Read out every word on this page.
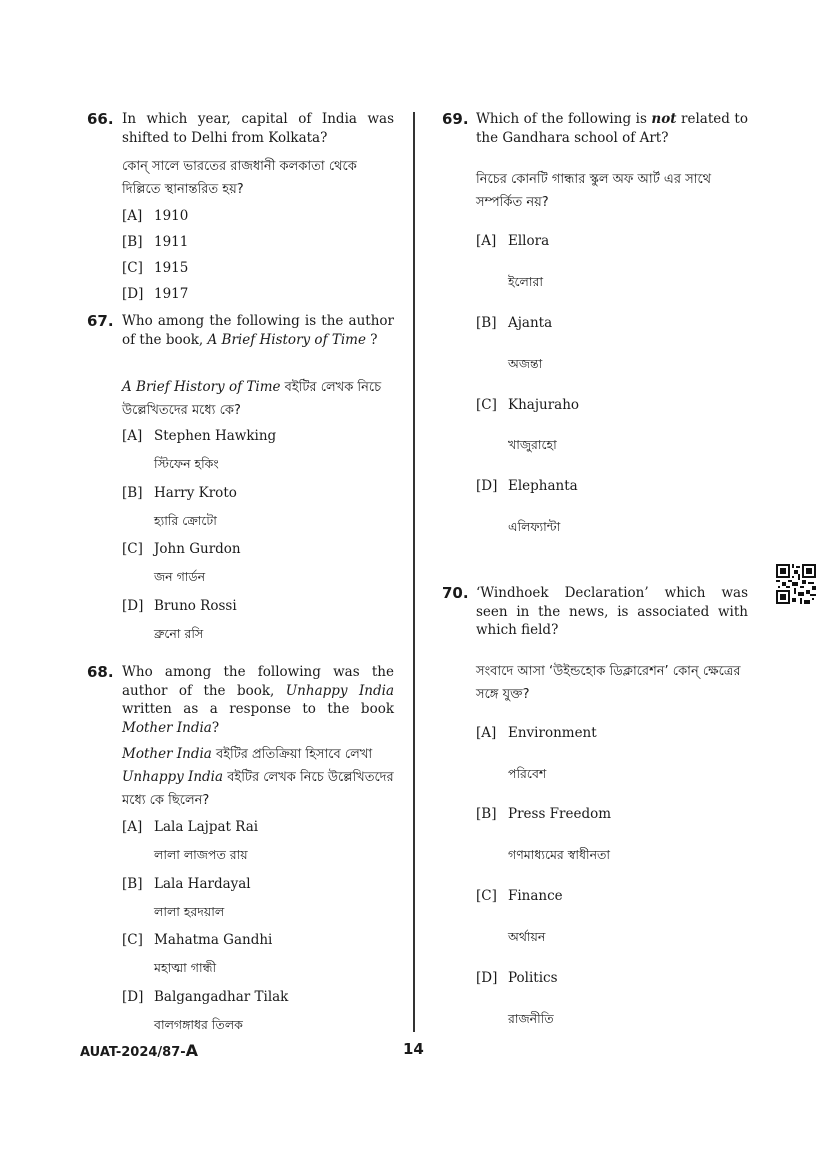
66. In which year, capital of India was shifted to Delhi from Kolkata?
কোন্ সালে ভারতের রাজধানী কলকাতা থেকে দিল্লিতে স্থানান্তরিত হয়?
[A] 1910
[B] 1911
[C] 1915
[D] 1917
67. Who among the following is the author of the book, A Brief History of Time ?
A Brief History of Time বইটির লেখক নিচে উল্লেখিতদের মধ্যে কে?
[A] Stephen Hawking
স্টিফেন হকিং
[B] Harry Kroto
হ্যারি ক্রোটো
[C] John Gurdon
জন গার্ডন
[D] Bruno Rossi
ব্রুনো রসি
68. Who among the following was the author of the book, Unhappy India written as a response to the book Mother India?
Mother India বইটির প্রতিক্রিয়া হিসাবে লেখা Unhappy India বইটির লেখক নিচে উল্লেখিতদের মধ্যে কে ছিলেন?
[A] Lala Lajpat Rai
লালা লাজপত রায়
[B] Lala Hardayal
লালা হরদয়াল
[C] Mahatma Gandhi
মহাত্মা গান্ধী
[D] Balgangadhar Tilak
বালগঙ্গাধর তিলক
69. Which of the following is not related to the Gandhara school of Art?
নিচের কোনটি গান্ধার স্কুল অফ আর্ট এর সাথে সম্পর্কিত নয়?
[A] Ellora
ইলোরা
[B] Ajanta
অজন্তা
[C] Khajuraho
খাজুরাহো
[D] Elephanta
এলিফ্যান্টা
70. ‘Windhoek Declaration’ which was seen in the news, is associated with which field?
সংবাদে আসা ‘উইন্ডহোক ডিক্লারেশন’ কোন্ ক্ষেত্রের সঙ্গে যুক্ত?
[A] Environment
পরিবেশ
[B] Press Freedom
গণমাধ্যমের স্বাধীনতা
[C] Finance
অর্থায়ন
[D] Politics
রাজনীতি
AUAT-2024/87-A	14
